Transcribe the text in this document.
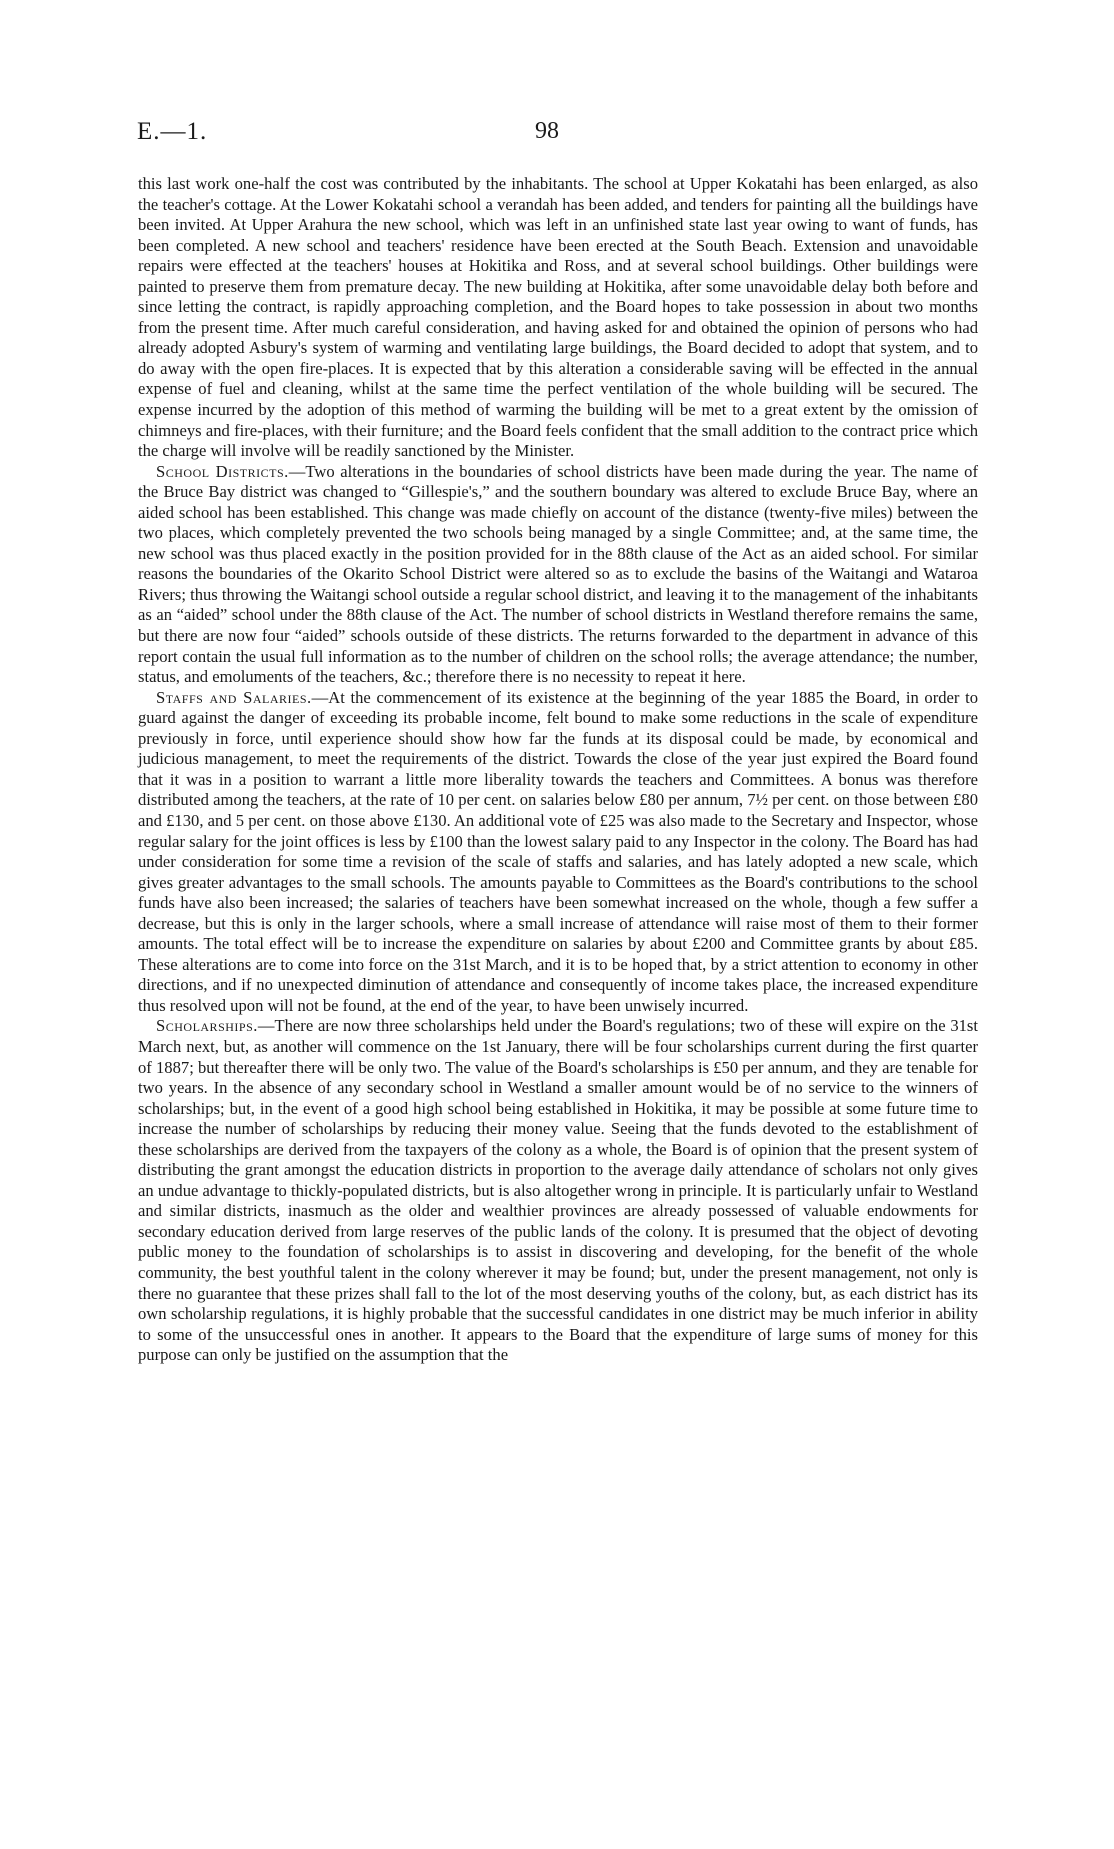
E.—1.	98

this last work one-half the cost was contributed by the inhabitants. The school at Upper Kokatahi has been enlarged, as also the teacher's cottage. At the Lower Kokatahi school a verandah has been added, and tenders for painting all the buildings have been invited. At Upper Arahura the new school, which was left in an unfinished state last year owing to want of funds, has been completed. A new school and teachers' residence have been erected at the South Beach. Extension and unavoidable repairs were effected at the teachers' houses at Hokitika and Ross, and at several school buildings. Other buildings were painted to preserve them from premature decay. The new building at Hokitika, after some unavoidable delay both before and since letting the contract, is rapidly approaching completion, and the Board hopes to take possession in about two months from the present time. After much careful consideration, and having asked for and obtained the opinion of persons who had already adopted Asbury's system of warming and ventilating large buildings, the Board decided to adopt that system, and to do away with the open fire-places. It is expected that by this alteration a considerable saving will be effected in the annual expense of fuel and cleaning, whilst at the same time the perfect ventilation of the whole building will be secured. The expense incurred by the adoption of this method of warming the building will be met to a great extent by the omission of chimneys and fire-places, with their furniture; and the Board feels confident that the small addition to the contract price which the charge will involve will be readily sanctioned by the Minister.

School Districts.—Two alterations in the boundaries of school districts have been made during the year. The name of the Bruce Bay district was changed to “Gillespie's,” and the southern boundary was altered to exclude Bruce Bay, where an aided school has been established. This change was made chiefly on account of the distance (twenty-five miles) between the two places, which completely prevented the two schools being managed by a single Committee; and, at the same time, the new school was thus placed exactly in the position provided for in the 88th clause of the Act as an aided school. For similar reasons the boundaries of the Okarito School District were altered so as to exclude the basins of the Waitangi and Wataroa Rivers; thus throwing the Waitangi school outside a regular school district, and leaving it to the management of the inhabitants as an “aided” school under the 88th clause of the Act. The number of school districts in Westland therefore remains the same, but there are now four “aided” schools outside of these districts. The returns forwarded to the department in advance of this report contain the usual full information as to the number of children on the school rolls; the average attendance; the number, status, and emoluments of the teachers, &c.; therefore there is no necessity to repeat it here.

Staffs and Salaries.—At the commencement of its existence at the beginning of the year 1885 the Board, in order to guard against the danger of exceeding its probable income, felt bound to make some reductions in the scale of expenditure previously in force, until experience should show how far the funds at its disposal could be made, by economical and judicious management, to meet the requirements of the district. Towards the close of the year just expired the Board found that it was in a position to warrant a little more liberality towards the teachers and Committees. A bonus was therefore distributed among the teachers, at the rate of 10 per cent. on salaries below £80 per annum, 7½ per cent. on those between £80 and £130, and 5 per cent. on those above £130. An additional vote of £25 was also made to the Secretary and Inspector, whose regular salary for the joint offices is less by £100 than the lowest salary paid to any Inspector in the colony. The Board has had under consideration for some time a revision of the scale of staffs and salaries, and has lately adopted a new scale, which gives greater advantages to the small schools. The amounts payable to Committees as the Board's contributions to the school funds have also been increased; the salaries of teachers have been somewhat increased on the whole, though a few suffer a decrease, but this is only in the larger schools, where a small increase of attendance will raise most of them to their former amounts. The total effect will be to increase the expenditure on salaries by about £200 and Committee grants by about £85. These alterations are to come into force on the 31st March, and it is to be hoped that, by a strict attention to economy in other directions, and if no unexpected diminution of attendance and consequently of income takes place, the increased expenditure thus resolved upon will not be found, at the end of the year, to have been unwisely incurred.

Scholarships.—There are now three scholarships held under the Board's regulations; two of these will expire on the 31st March next, but, as another will commence on the 1st January, there will be four scholarships current during the first quarter of 1887; but thereafter there will be only two. The value of the Board's scholarships is £50 per annum, and they are tenable for two years. In the absence of any secondary school in Westland a smaller amount would be of no service to the winners of scholarships; but, in the event of a good high school being established in Hokitika, it may be possible at some future time to increase the number of scholarships by reducing their money value. Seeing that the funds devoted to the establishment of these scholarships are derived from the taxpayers of the colony as a whole, the Board is of opinion that the present system of distributing the grant amongst the education districts in proportion to the average daily attendance of scholars not only gives an undue advantage to thickly-populated districts, but is also altogether wrong in principle. It is particularly unfair to Westland and similar districts, inasmuch as the older and wealthier provinces are already possessed of valuable endowments for secondary education derived from large reserves of the public lands of the colony. It is presumed that the object of devoting public money to the foundation of scholarships is to assist in discovering and developing, for the benefit of the whole community, the best youthful talent in the colony wherever it may be found; but, under the present management, not only is there no guarantee that these prizes shall fall to the lot of the most deserving youths of the colony, but, as each district has its own scholarship regulations, it is highly probable that the successful candidates in one district may be much inferior in ability to some of the unsuccessful ones in another. It appears to the Board that the expenditure of large sums of money for this purpose can only be justified on the assumption that the
